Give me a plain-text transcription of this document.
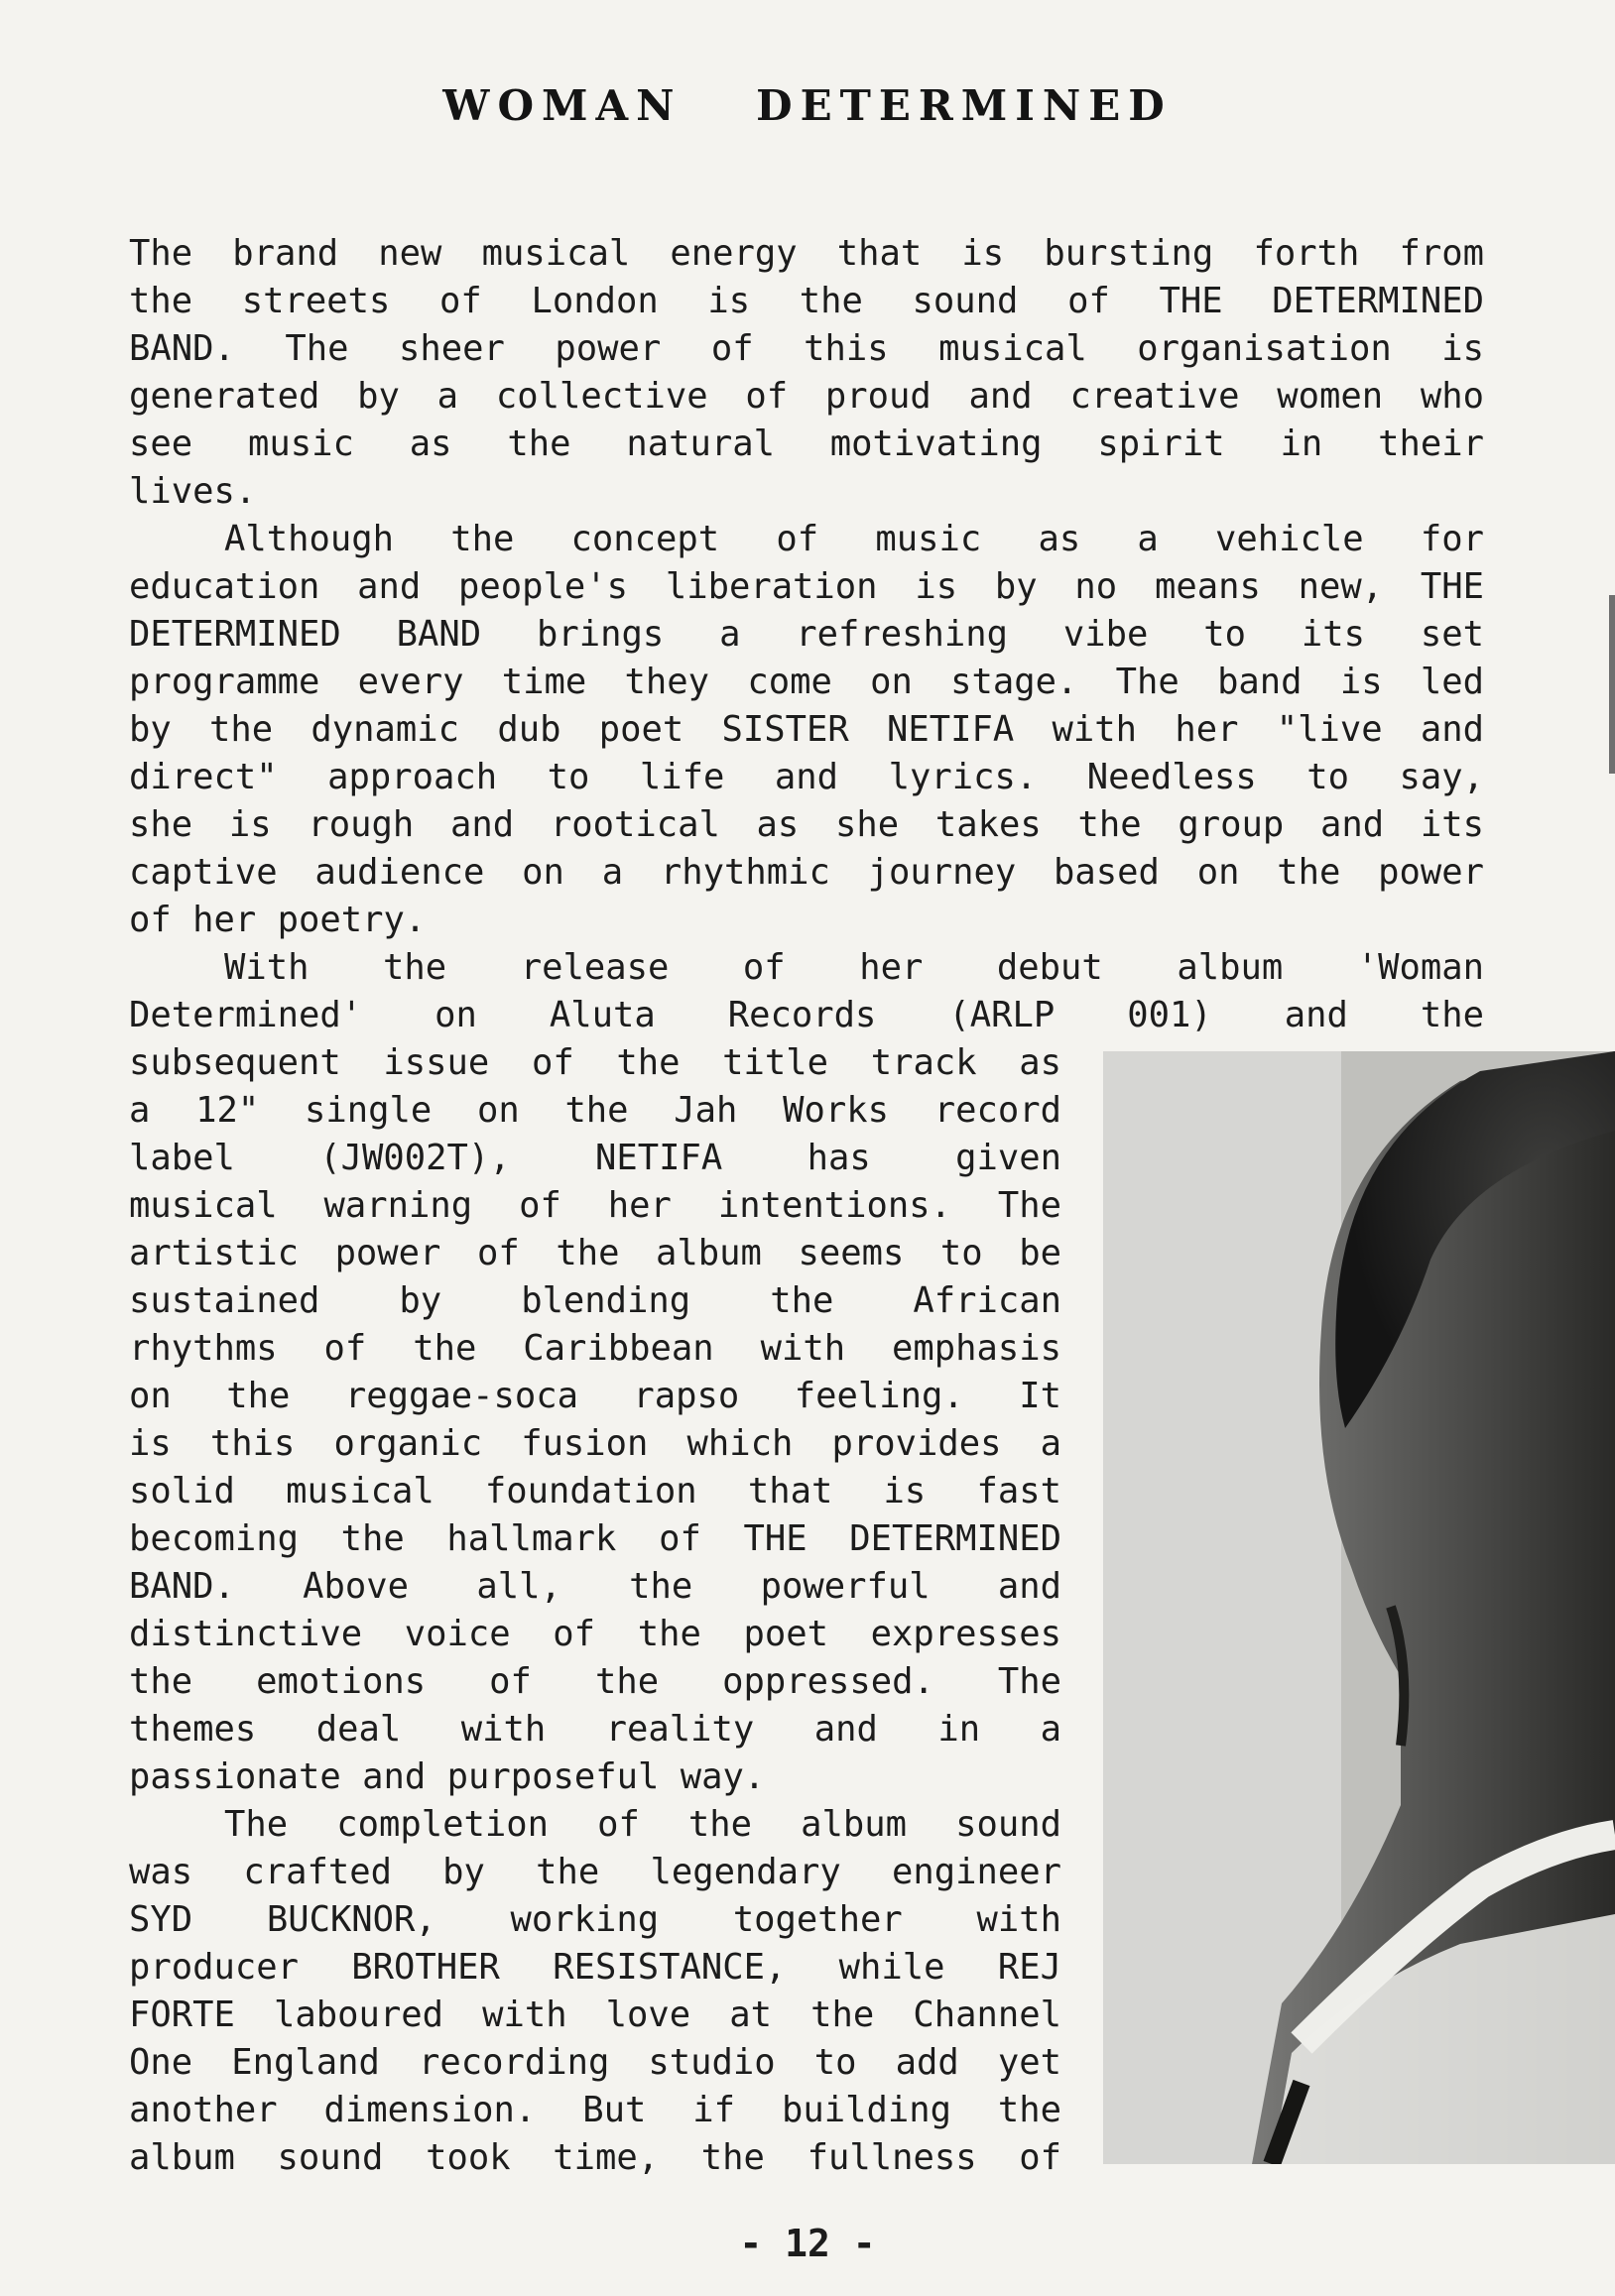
WOMAN DETERMINED
The brand new musical energy that is bursting forth from
the streets of London is the sound of THE DETERMINED
BAND. The sheer power of this musical organisation is
generated by a collective of proud and creative women who
see music as the natural motivating spirit in their
lives.
Although the concept of music as a vehicle for
education and people's liberation is by no means new, THE
DETERMINED BAND brings a refreshing vibe to its set
programme every time they come on stage. The band is led
by the dynamic dub poet SISTER NETIFA with her "live and
direct" approach to life and lyrics. Needless to say,
she is rough and rootical as she takes the group and its
captive audience on a rhythmic journey based on the power
of her poetry.
With the release of her debut album 'Woman
Determined' on Aluta Records (ARLP 001) and the
subsequent issue of the title track as
a 12" single on the Jah Works record
label (JW002T), NETIFA has given
musical warning of her intentions. The
artistic power of the album seems to be
sustained by blending the African
rhythms of the Caribbean with emphasis
on the reggae-soca rapso feeling. It
is this organic fusion which provides a
solid musical foundation that is fast
becoming the hallmark of THE DETERMINED
BAND. Above all, the powerful and
distinctive voice of the poet expresses
the emotions of the oppressed. The
themes deal with reality and in a
passionate and purposeful way.
The completion of the album sound
was crafted by the legendary engineer
SYD BUCKNOR, working together with
producer BROTHER RESISTANCE, while REJ
FORTE laboured with love at the Channel
One England recording studio to add yet
another dimension. But if building the
album sound took time, the fullness of
- 12 -
